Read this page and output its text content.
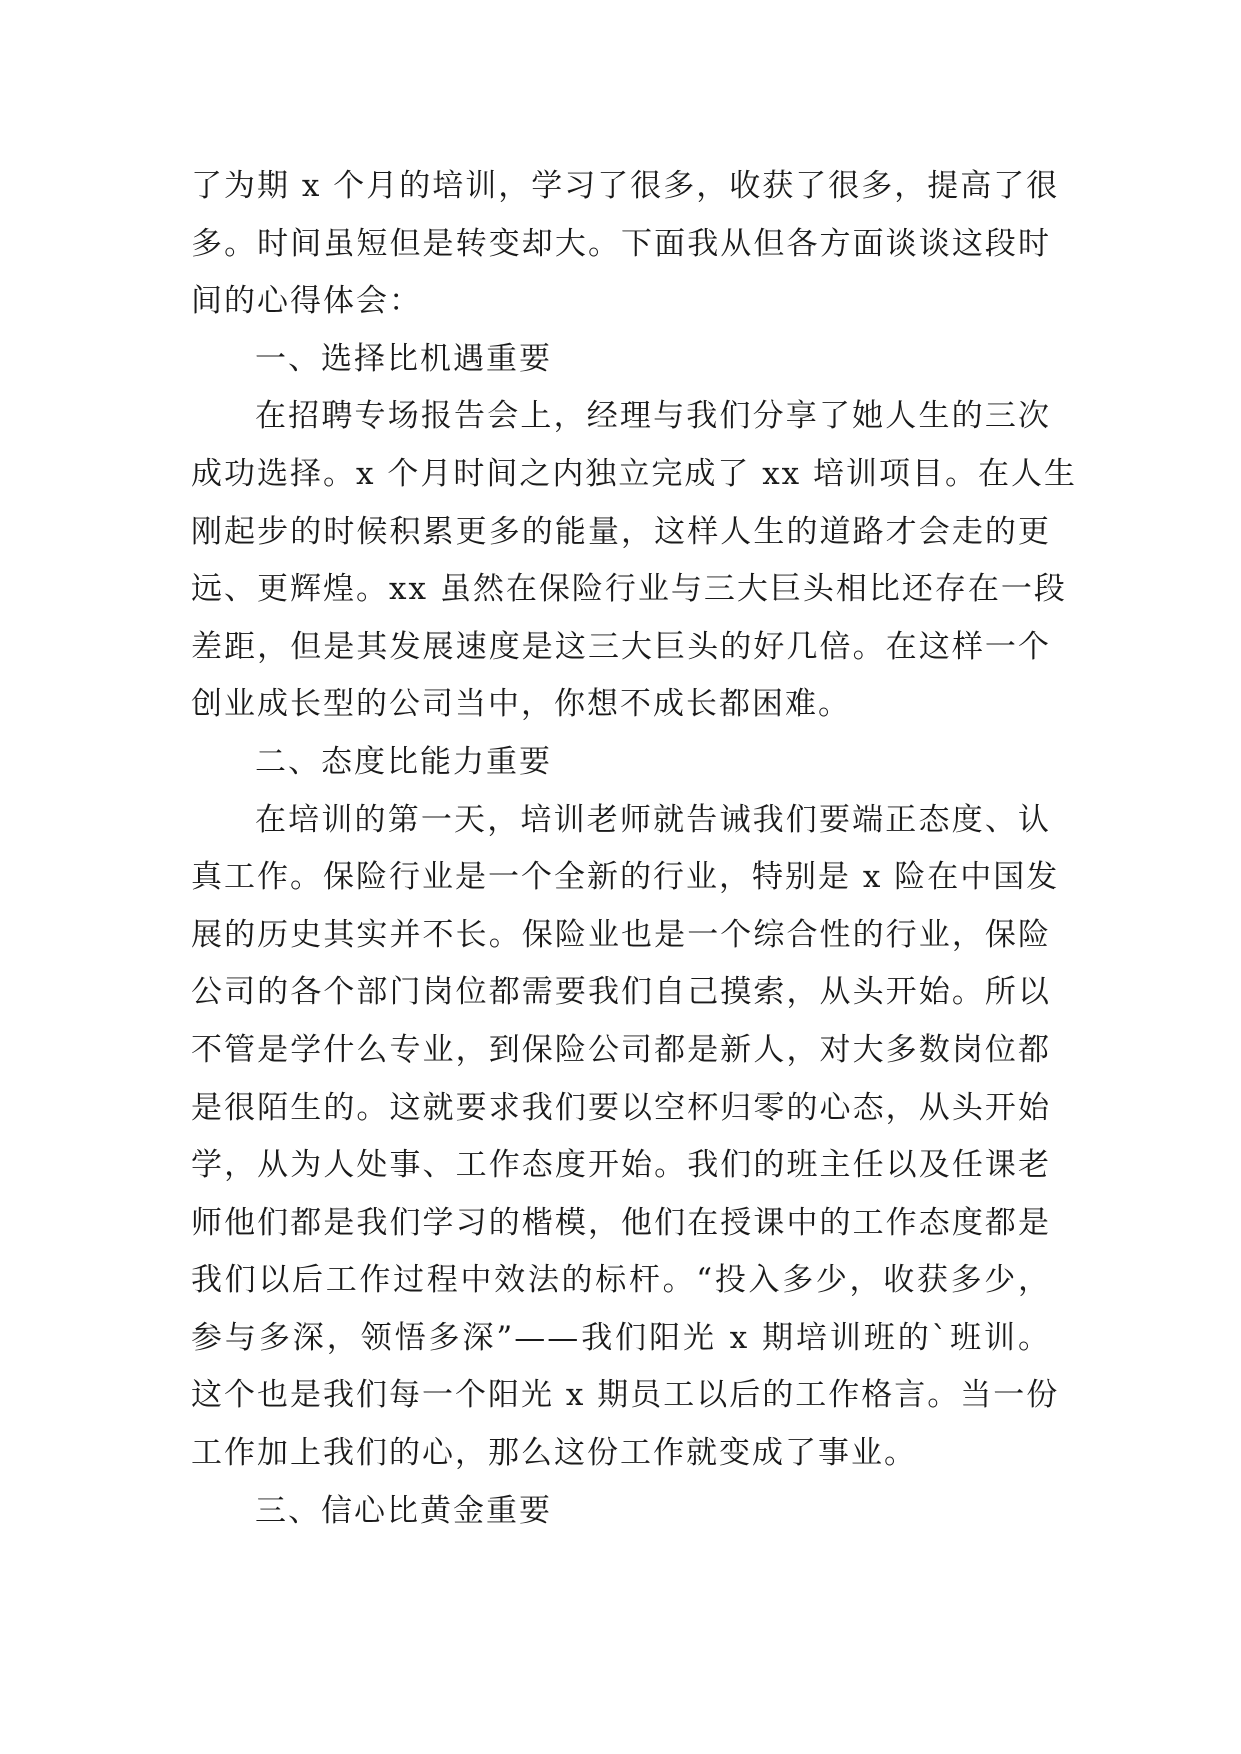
了为期 x 个月的培训，学习了很多，收获了很多，提高了很
多。时间虽短但是转变却大。下面我从但各方面谈谈这段时
间的心得体会：
一、选择比机遇重要
在招聘专场报告会上，经理与我们分享了她人生的三次
成功选择。x 个月时间之内独立完成了 xx 培训项目。在人生
刚起步的时候积累更多的能量，这样人生的道路才会走的更
远、更辉煌。xx 虽然在保险行业与三大巨头相比还存在一段
差距，但是其发展速度是这三大巨头的好几倍。在这样一个
创业成长型的公司当中，你想不成长都困难。
二、态度比能力重要
在培训的第一天，培训老师就告诫我们要端正态度、认
真工作。保险行业是一个全新的行业，特别是 x 险在中国发
展的历史其实并不长。保险业也是一个综合性的行业，保险
公司的各个部门岗位都需要我们自己摸索，从头开始。所以
不管是学什么专业，到保险公司都是新人，对大多数岗位都
是很陌生的。这就要求我们要以空杯归零的心态，从头开始
学，从为人处事、工作态度开始。我们的班主任以及任课老
师他们都是我们学习的楷模，他们在授课中的工作态度都是
我们以后工作过程中效法的标杆。“投入多少，收获多少，
参与多深，领悟多深”——我们阳光 x 期培训班的`班训。
这个也是我们每一个阳光 x 期员工以后的工作格言。当一份
工作加上我们的心，那么这份工作就变成了事业。
三、信心比黄金重要
